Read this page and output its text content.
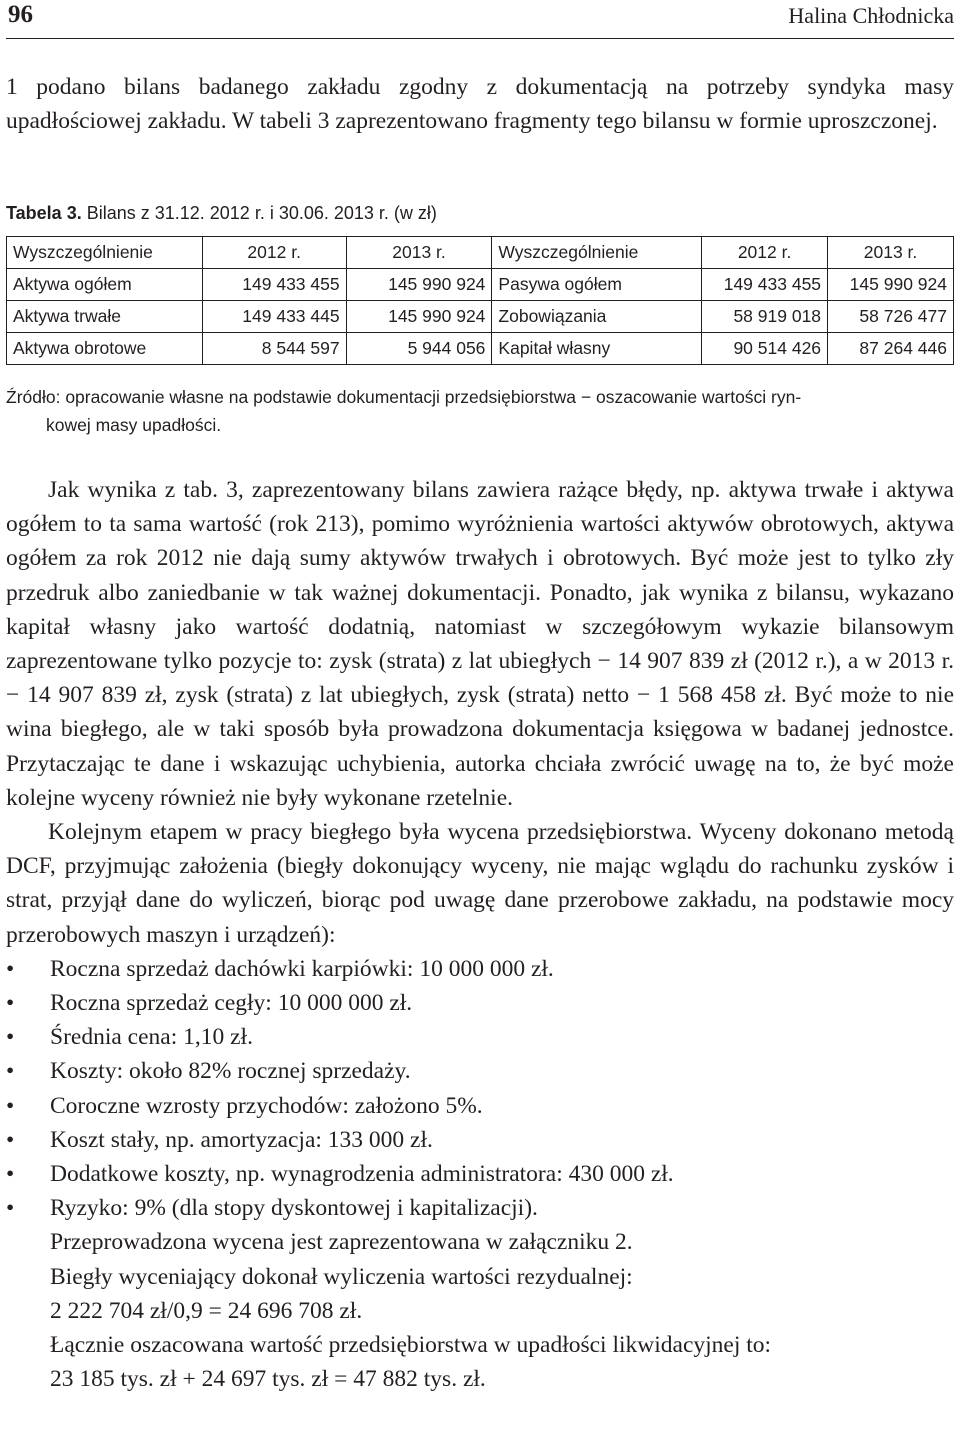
96	Halina Chłodnicka
1 podano bilans badanego zakładu zgodny z dokumentacją na potrzeby syndyka masy upadłościowej zakładu. W tabeli 3 zaprezentowano fragmenty tego bilansu w formie uproszczonej.
Tabela 3. Bilans z 31.12. 2012 r. i 30.06. 2013 r. (w zł)
Wyszczególnienie	2012 r.	2013 r.	Wyszczególnienie	2012 r.	2013 r.
Aktywa ogółem	149 433 455	145 990 924	Pasywa ogółem	149 433 455	145 990 924
Aktywa trwałe	149 433 445	145 990 924	Zobowiązania	58 919 018	58 726 477
Aktywa obrotowe	8 544 597	5 944 056	Kapitał własny	90 514 426	87 264 446
Źródło: opracowanie własne na podstawie dokumentacji przedsiębiorstwa − oszacowanie wartości ryn-
kowej masy upadłości.

Jak wynika z tab. 3, zaprezentowany bilans zawiera rażące błędy, np. aktywa trwałe i aktywa ogółem to ta sama wartość (rok 213), pomimo wyróżnienia wartości aktywów obrotowych, aktywa ogółem za rok 2012 nie dają sumy aktywów trwałych i obrotowych. Być może jest to tylko zły przedruk albo zaniedbanie w tak ważnej dokumentacji. Ponadto, jak wynika z bilansu, wykazano kapitał własny jako wartość dodatnią, natomiast w szczegółowym wykazie bilansowym zaprezentowane tylko pozycje to: zysk (strata) z lat ubiegłych − 14 907 839 zł (2012 r.), a w 2013 r. − 14 907 839 zł, zysk (strata) z lat ubiegłych, zysk (strata) netto − 1 568 458 zł. Być może to nie wina biegłego, ale w taki sposób była prowadzona dokumentacja księgowa w badanej jednostce. Przytaczając te dane i wskazując uchybienia, autorka chciała zwrócić uwagę na to, że być może kolejne wyceny również nie były wykonane rzetelnie.

Kolejnym etapem w pracy biegłego była wycena przedsiębiorstwa. Wyceny dokonano metodą DCF, przyjmując założenia (biegły dokonujący wyceny, nie mając wglądu do rachunku zysków i strat, przyjął dane do wyliczeń, biorąc pod uwagę dane przerobowe zakładu, na podstawie mocy przerobowych maszyn i urządzeń):

•	Roczna sprzedaż dachówki karpiówki: 10 000 000 zł.
•	Roczna sprzedaż cegły: 10 000 000 zł.
•	Średnia cena: 1,10 zł.
•	Koszty: około 82% rocznej sprzedaży.
•	Coroczne wzrosty przychodów: założono 5%.
•	Koszt stały, np. amortyzacja: 133 000 zł.
•	Dodatkowe koszty, np. wynagrodzenia administratora: 430 000 zł.
•	Ryzyko: 9% (dla stopy dyskontowej i kapitalizacji).
Przeprowadzona wycena jest zaprezentowana w załączniku 2.
Biegły wyceniający dokonał wyliczenia wartości rezydualnej:
2 222 704 zł/0,9 = 24 696 708 zł.
Łącznie oszacowana wartość przedsiębiorstwa w upadłości likwidacyjnej to:
23 185 tys. zł + 24 697 tys. zł = 47 882 tys. zł.
